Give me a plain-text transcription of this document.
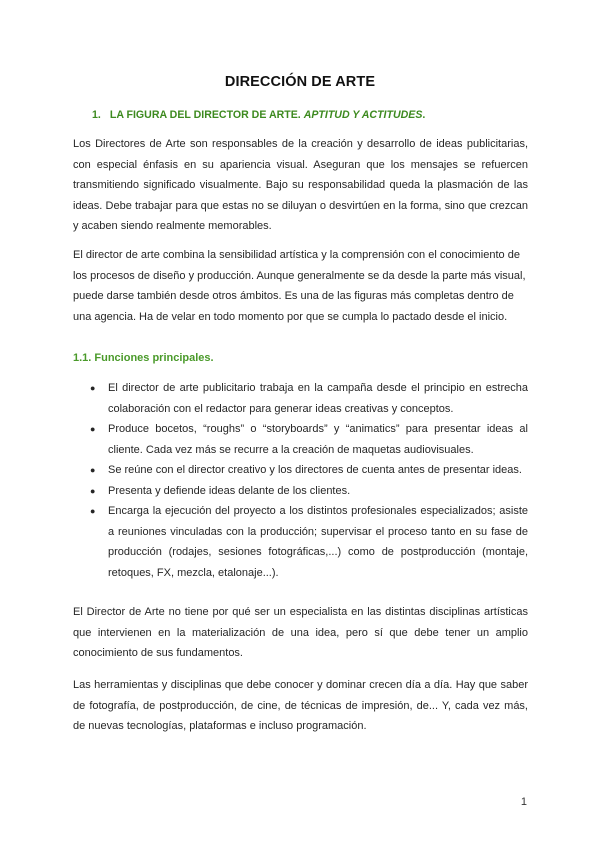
DIRECCIÓN DE ARTE
1. LA FIGURA DEL DIRECTOR DE ARTE. APTITUD Y ACTITUDES.

Los Directores de Arte son responsables de la creación y desarrollo de ideas publicitarias, con especial énfasis en su apariencia visual. Aseguran que los mensajes se refuercen transmitiendo significado visualmente. Bajo su responsabilidad queda la plasmación de las ideas. Debe trabajar para que estas no se diluyan o desvirtúen en la forma, sino que crezcan y acaben siendo realmente memorables.

El director de arte combina la sensibilidad artística y la comprensión con el conocimiento de los procesos de diseño y producción. Aunque generalmente se da desde la parte más visual, puede darse también desde otros ámbitos. Es una de las figuras más completas dentro de una agencia. Ha de velar en todo momento por que se cumpla lo pactado desde el inicio.

1.1. Funciones principales.
● El director de arte publicitario trabaja en la campaña desde el principio en estrecha colaboración con el redactor para generar ideas creativas y conceptos.
● Produce bocetos, “roughs” o “storyboards” y “animatics” para presentar ideas al cliente. Cada vez más se recurre a la creación de maquetas audiovisuales.
● Se reúne con el director creativo y los directores de cuenta antes de presentar ideas.
● Presenta y defiende ideas delante de los clientes.
● Encarga la ejecución del proyecto a los distintos profesionales especializados; asiste a reuniones vinculadas con la producción; supervisar el proceso tanto en su fase de producción (rodajes, sesiones fotográficas,...) como de postproducción (montaje, retoques, FX, mezcla, etalonaje...).

El Director de Arte no tiene por qué ser un especialista en las distintas disciplinas artísticas que intervienen en la materialización de una idea, pero sí que debe tener un amplio conocimiento de sus fundamentos.

Las herramientas y disciplinas que debe conocer y dominar crecen día a día. Hay que saber de fotografía, de postproducción, de cine, de técnicas de impresión, de... Y, cada vez más, de nuevas tecnologías, plataformas e incluso programación.

1
